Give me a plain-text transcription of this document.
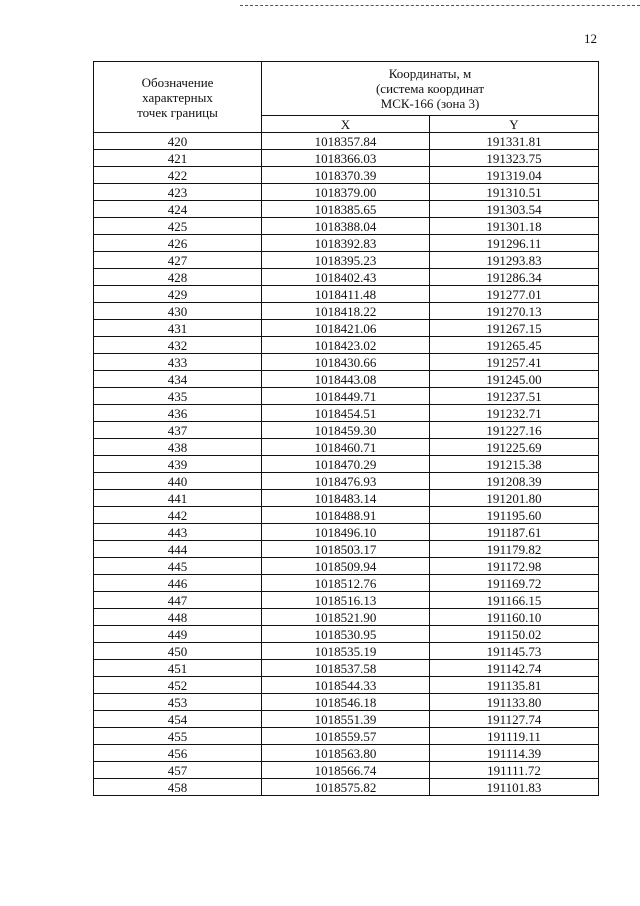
12
Обозначение
характерных
точек границы	Координаты, м
(система координат
МСК-166 (зона 3)	

	X	Y
420	1018357.84	191331.81
421	1018366.03	191323.75
422	1018370.39	191319.04
423	1018379.00	191310.51
424	1018385.65	191303.54
425	1018388.04	191301.18
426	1018392.83	191296.11
427	1018395.23	191293.83
428	1018402.43	191286.34
429	1018411.48	191277.01
430	1018418.22	191270.13
431	1018421.06	191267.15
432	1018423.02	191265.45
433	1018430.66	191257.41
434	1018443.08	191245.00
435	1018449.71	191237.51
436	1018454.51	191232.71
437	1018459.30	191227.16
438	1018460.71	191225.69
439	1018470.29	191215.38
440	1018476.93	191208.39
441	1018483.14	191201.80
442	1018488.91	191195.60
443	1018496.10	191187.61
444	1018503.17	191179.82
445	1018509.94	191172.98
446	1018512.76	191169.72
447	1018516.13	191166.15
448	1018521.90	191160.10
449	1018530.95	191150.02
450	1018535.19	191145.73
451	1018537.58	191142.74
452	1018544.33	191135.81
453	1018546.18	191133.80
454	1018551.39	191127.74
455	1018559.57	191119.11
456	1018563.80	191114.39
457	1018566.74	191111.72
458	1018575.82	191101.83
